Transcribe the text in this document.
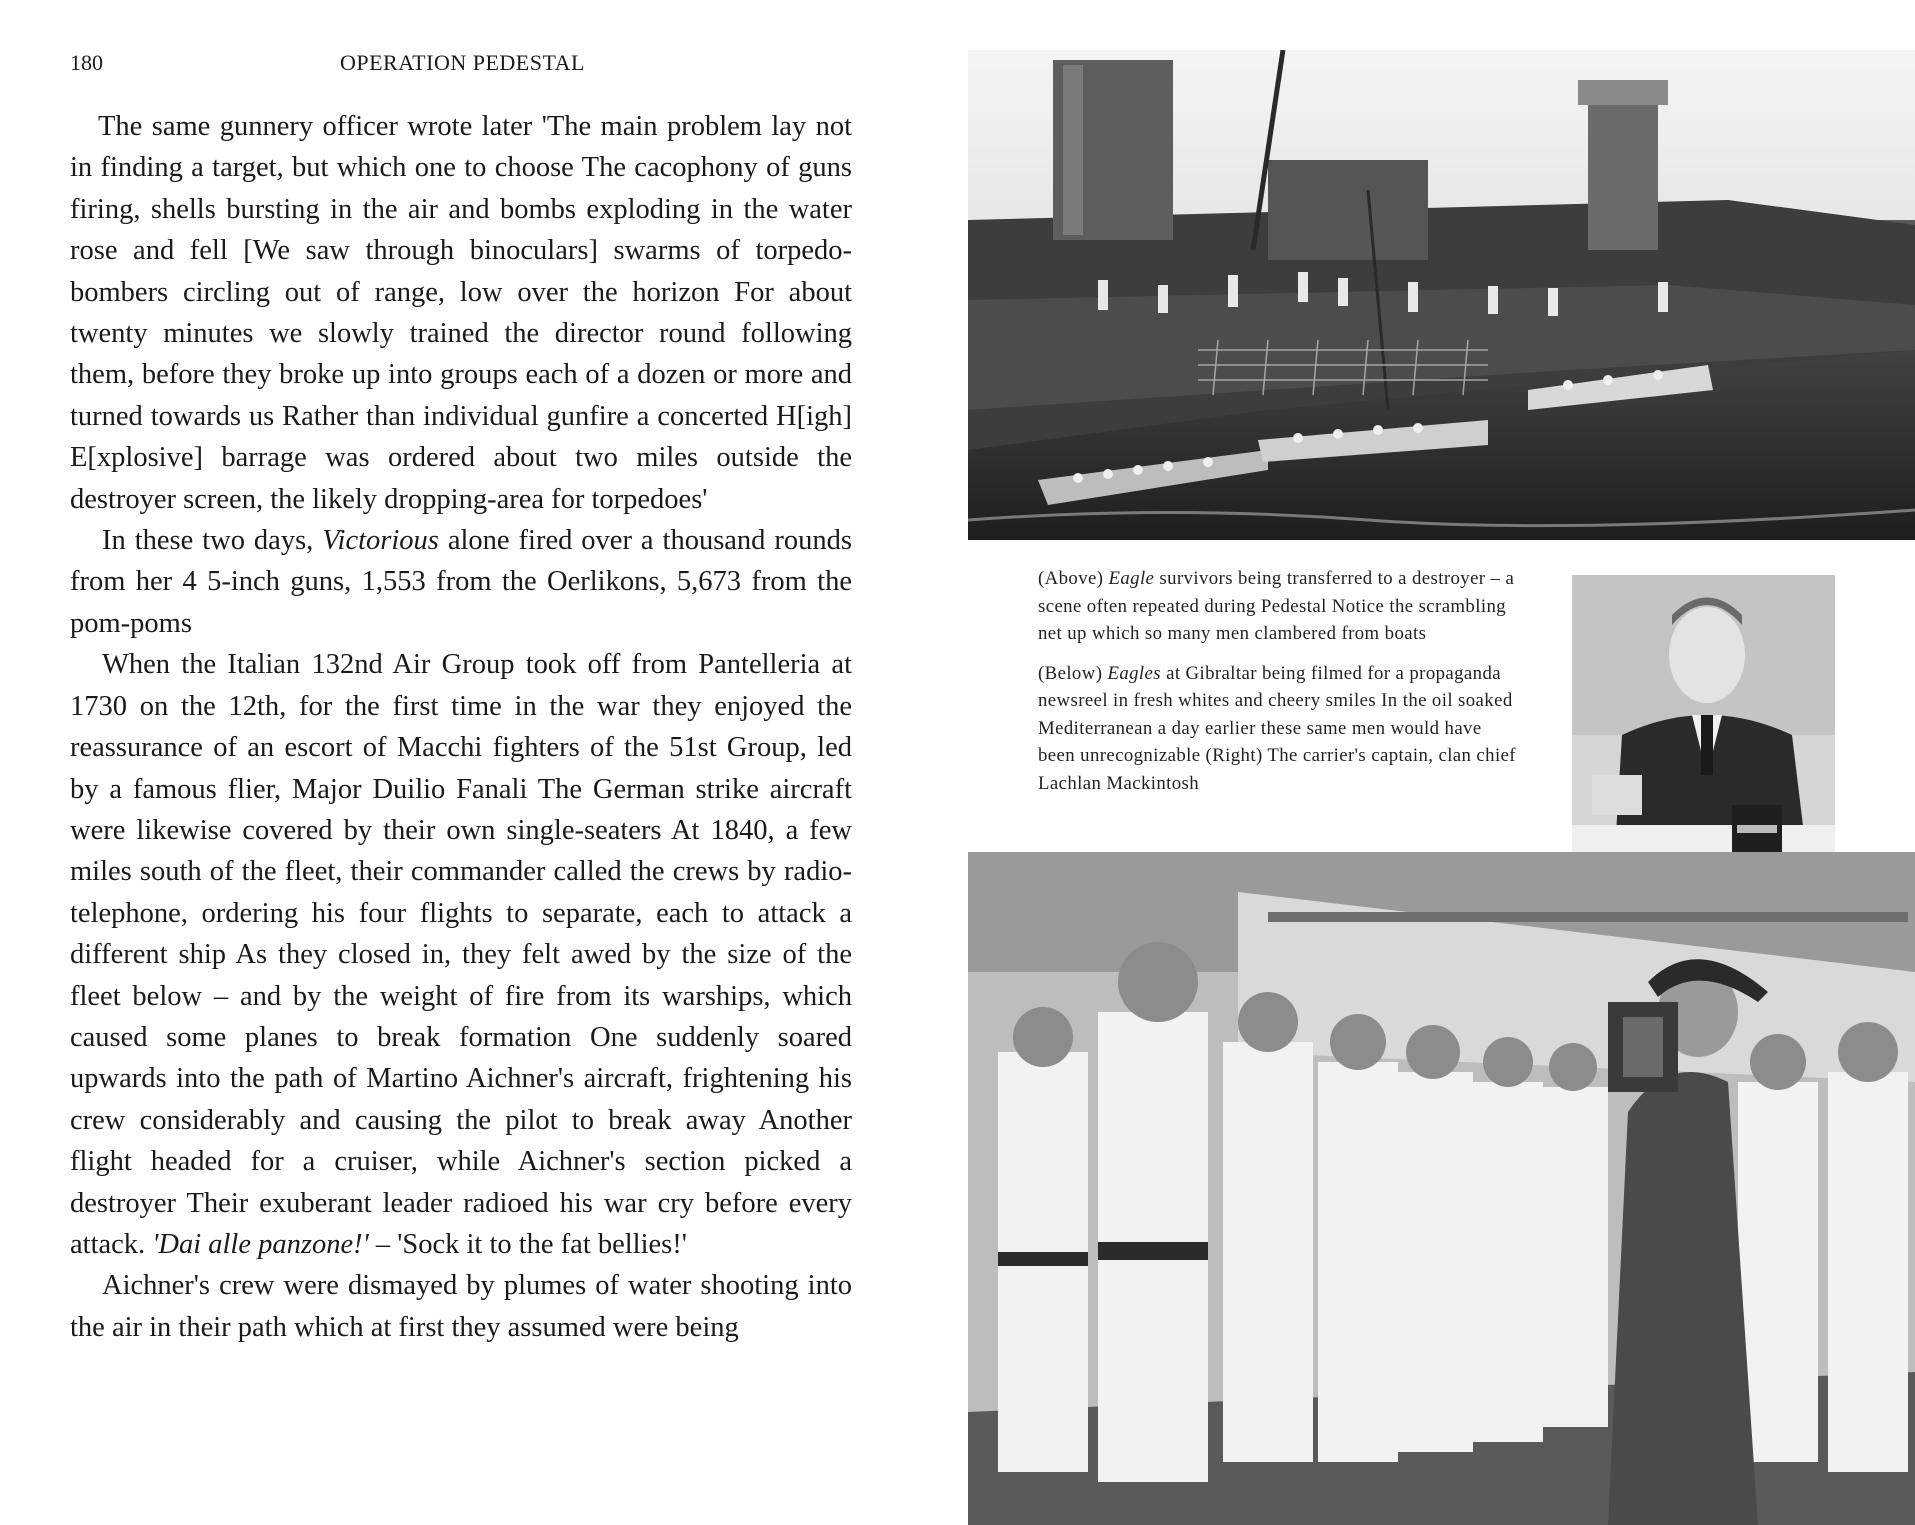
180	OPERATION PEDESTAL

The same gunnery officer wrote later 'The main problem lay not in finding a target, but which one to choose The cacophony of guns firing, shells bursting in the air and bombs exploding in the water rose and fell [We saw through binoculars] swarms of torpedo-bombers circling out of range, low over the horizon For about twenty minutes we slowly trained the director round following them, before they broke up into groups each of a dozen or more and turned towards us Rather than individual gunfire a concerted H[igh] E[xplosive] barrage was ordered about two miles outside the destroyer screen, the likely dropping-area for torpedoes'

In these two days, Victorious alone fired over a thousand rounds from her 4 5-inch guns, 1,553 from the Oerlikons, 5,673 from the pom-poms

When the Italian 132nd Air Group took off from Pantelleria at 1730 on the 12th, for the first time in the war they enjoyed the reassurance of an escort of Macchi fighters of the 51st Group, led by a famous flier, Major Duilio Fanali The German strike aircraft were likewise covered by their own single-seaters At 1840, a few miles south of the fleet, their commander called the crews by radio-telephone, ordering his four flights to separate, each to attack a different ship As they closed in, they felt awed by the size of the fleet below – and by the weight of fire from its warships, which caused some planes to break formation One suddenly soared upwards into the path of Martino Aichner's aircraft, frightening his crew considerably and causing the pilot to break away Another flight headed for a cruiser, while Aichner's section picked a destroyer Their exuberant leader radioed his war cry before every attack. 'Dai alle panzone!' – 'Sock it to the fat bellies!'

Aichner's crew were dismayed by plumes of water shooting into the air in their path which at first they assumed were being

(Above) Eagle survivors being transferred to a destroyer – a scene often repeated during Pedestal Notice the scrambling net up which so many men clambered from boats

(Below) Eagles at Gibraltar being filmed for a propaganda newsreel in fresh whites and cheery smiles In the oil soaked Mediterranean a day earlier these same men would have been unrecognizable (Right) The carrier's captain, clan chief Lachlan Mackintosh
